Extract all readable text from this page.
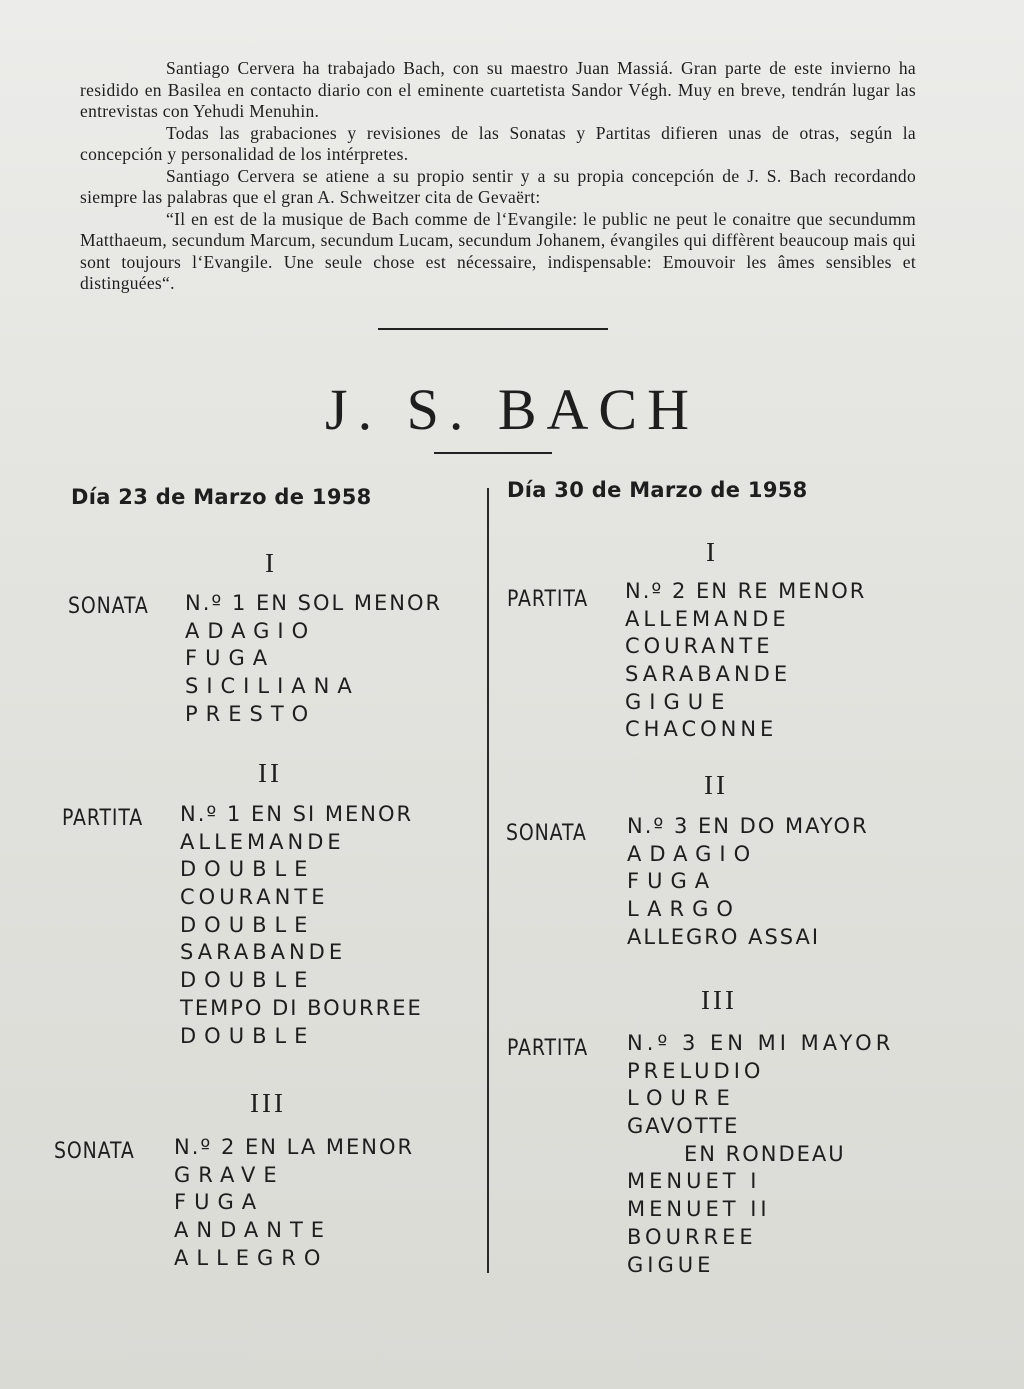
Santiago Cervera ha trabajado Bach, con su maestro Juan Massiá. Gran parte de este invierno ha residido en Basilea en contacto diario con el eminente cuartetista Sandor Végh. Muy en breve, tendrán lugar las entrevistas con Yehudi Menuhin.

Todas las grabaciones y revisiones de las Sonatas y Partitas difieren unas de otras, según la concepción y personalidad de los intérpretes.

Santiago Cervera se atiene a su propio sentir y a su propia concepción de J. S. Bach recordando siempre las palabras que el gran A. Schweitzer cita de Gevaërt:

“Il en est de la musique de Bach comme de l‘Evangile: le public ne peut le conaitre que secundumm Matthaeum, secundum Marcum, secundum Lucam, secundum Johanem, évangiles qui diffèrent beaucoup mais qui sont toujours l‘Evangile. Une seule chose est nécessaire, indispensable: Emouvoir les âmes sensibles et distinguées“.

J. S. BACH
Día 23 de Marzo de 1958
I
SONATA N.º 1 EN SOL MENOR
ADAGIO
FUGA
SICILIANA
PRESTO
II
PARTITA N.º 1 EN SI MENOR
ALLEMANDE
DOUBLE
COURANTE
DOUBLE
SARABANDE
DOUBLE
TEMPO DI BOURREE
DOUBLE
III
SONATA N.º 2 EN LA MENOR
GRAVE
FUGA
ANDANTE
ALLEGRO
Día 30 de Marzo de 1958
I
PARTITA N.º 2 EN RE MENOR
ALLEMANDE
COURANTE
SARABANDE
GIGUE
CHACONNE
II
SONATA N.º 3 EN DO MAYOR
ADAGIO
FUGA
LARGO
ALLEGRO ASSAI
III
PARTITA N.º 3 EN MI MAYOR
PRELUDIO
LOURE
GAVOTTE
EN RONDEAU
MENUET I
MENUET II
BOURREE
GIGUE
